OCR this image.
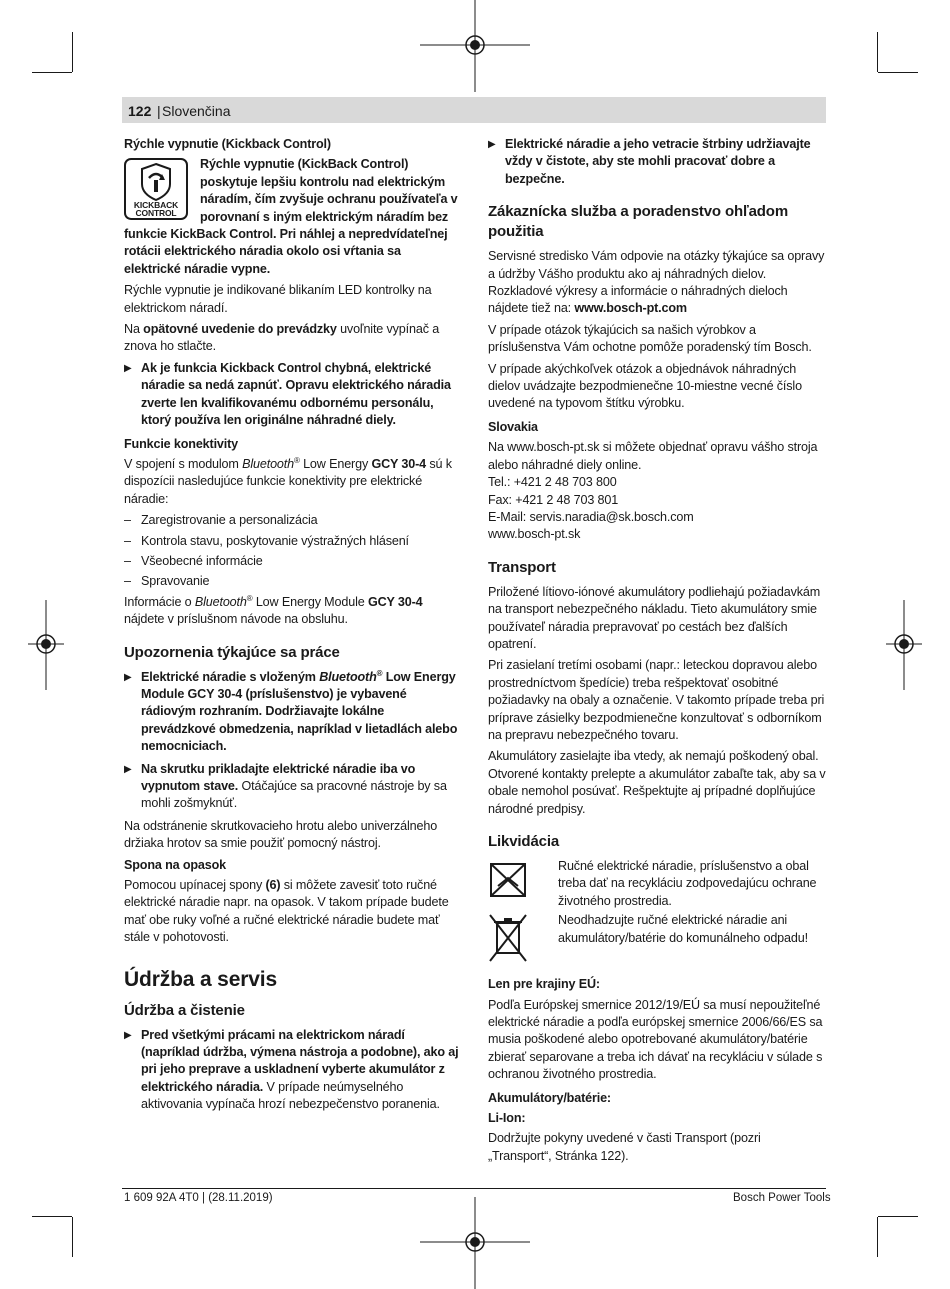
122 | Slovenčina
Rýchle vypnutie (Kickback Control)
KICKBACK
CONTROL

Rýchle vypnutie (KickBack Control) poskytuje lepšiu kontrolu nad elektrickým náradím, čím zvyšuje ochranu používateľa v porovnaní s iným elektrickým náradím bez funkcie KickBack Control. Pri náhlej a nepredvídateľnej rotácii elektrického náradia okolo osi vŕtania sa elektrické náradie vypne.

Rýchle vypnutie je indikované blikaním LED kontrolky na elektrickom náradí.

Na opätovné uvedenie do prevádzky uvoľnite vypínač a znova ho stlačte.

▶ Ak je funkcia Kickback Control chybná, elektrické náradie sa nedá zapnúť. Opravu elektrického náradia zverte len kvalifikovanému odbornému personálu, ktorý používa len originálne náhradné diely.
Funkcie konektivity

V spojení s modulom Bluetooth® Low Energy GCY 30-4 sú k dispozícii nasledujúce funkcie konektivity pre elektrické náradie:

– Zaregistrovanie a personalizácia
– Kontrola stavu, poskytovanie výstražných hlásení
– Všeobecné informácie
– Spravovanie

Informácie o Bluetooth® Low Energy Module GCY 30-4 nájdete v príslušnom návode na obsluhu.

Upozornenia týkajúce sa práce
▶ Elektrické náradie s vloženým Bluetooth® Low Energy Module GCY 30-4 (príslušenstvo) je vybavené rádiovým rozhraním. Dodržiavajte lokálne prevádzkové obmedzenia, napríklad v lietadlách alebo nemocniciach.
▶ Na skrutku prikladajte elektrické náradie iba vo vypnutom stave. Otáčajúce sa pracovné nástroje by sa mohli zošmyknúť.

Na odstránenie skrutkovacieho hrotu alebo univerzálneho držiaka hrotov sa smie použiť pomocný nástroj.

Spona na opasok

Pomocou upínacej spony (6) si môžete zavesiť toto ručné elektrické náradie napr. na opasok. V takom prípade budete mať obe ruky voľné a ručné elektrické náradie budete mať stále v pohotovosti.

Údržba a servis
Údržba a čistenie
▶ Pred všetkými prácami na elektrickom náradí (napríklad údržba, výmena nástroja a podobne), ako aj pri jeho preprave a uskladnení vyberte akumulátor z elektrického náradia. V prípade neúmyselného aktivovania vypínača hrozí nebezpečenstvo poranenia.
▶ Elektrické náradie a jeho vetracie štrbiny udržiavajte vždy v čistote, aby ste mohli pracovať dobre a bezpečne.
Zákaznícka služba a poradenstvo ohľadom použitia

Servisné stredisko Vám odpovie na otázky týkajúce sa opravy a údržby Vášho produktu ako aj náhradných dielov. Rozkladové výkresy a informácie o náhradných dieloch nájdete tiež na: www.bosch-pt.com

V prípade otázok týkajúcich sa našich výrobkov a príslušenstva Vám ochotne pomôže poradenský tím Bosch.

V prípade akýchkoľvek otázok a objednávok náhradných dielov uvádzajte bezpodmienečne 10-miestne vecné číslo uvedené na typovom štítku výrobku.

Slovakia
Na www.bosch-pt.sk si môžete objednať opravu vášho stroja alebo náhradné diely online.
Tel.: +421 2 48 703 800
Fax: +421 2 48 703 801
E-Mail: servis.naradia@sk.bosch.com
www.bosch-pt.sk
Transport

Priložené lítiovo-iónové akumulátory podliehajú požiadavkám na transport nebezpečného nákladu. Tieto akumulátory smie používateľ náradia prepravovať po cestách bez ďalších opatrení.

Pri zasielaní tretími osobami (napr.: leteckou dopravou alebo prostredníctvom špedície) treba rešpektovať osobitné požiadavky na obaly a označenie. V takomto prípade treba pri príprave zásielky bezpodmienečne konzultovať s odborníkom na prepravu nebezpečného tovaru.

Akumulátory zasielajte iba vtedy, ak nemajú poškodený obal. Otvorené kontakty prelepte a akumulátor zabaľte tak, aby sa v obale nemohol posúvať. Rešpektujte aj prípadné doplňujúce národné predpisy.

Likvidácia

Ručné elektrické náradie, príslušenstvo a obal treba dať na recykláciu zodpovedajúcu ochrane životného prostredia.

Neodhadzujte ručné elektrické náradie ani akumulátory/batérie do komunálneho odpadu!

Len pre krajiny EÚ:

Podľa Európskej smernice 2012/19/EÚ sa musí nepoužiteľné elektrické náradie a podľa európskej smernice 2006/66/ES sa musia poškodené alebo opotrebované akumulátory/batérie zbierať separovane a treba ich dávať na recykláciu v súlade s ochranou životného prostredia.

Akumulátory/batérie:
Li-Ion:

Dodržujte pokyny uvedené v časti Transport (pozri „Transport“, Stránka 122).

1 609 92A 4T0 | (28.11.2019)	Bosch Power Tools
